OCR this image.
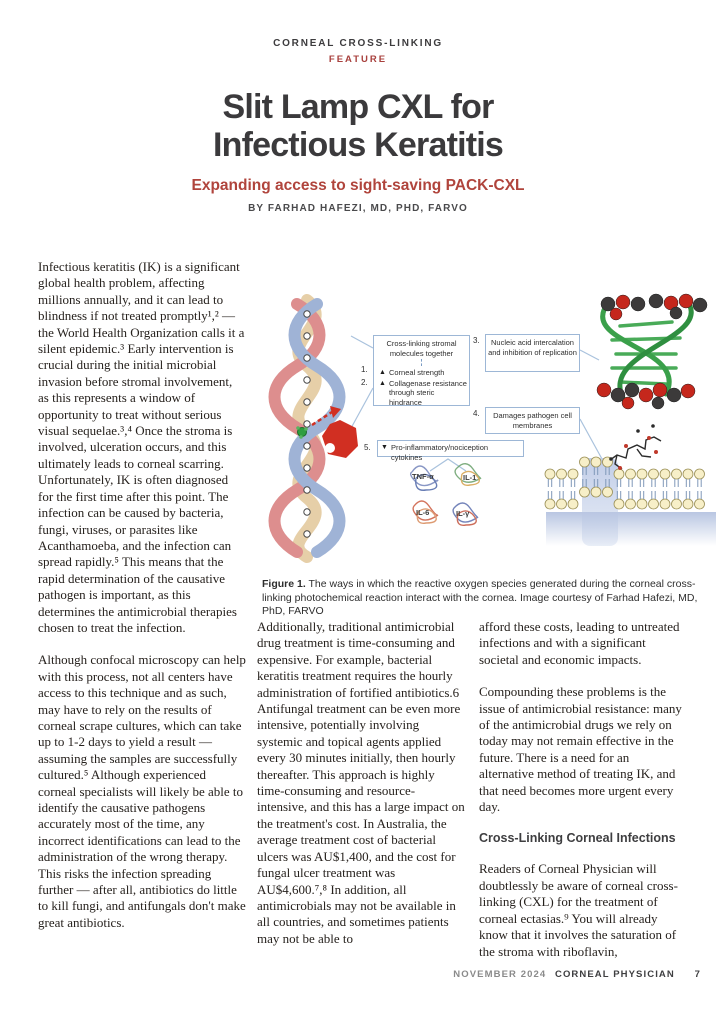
CORNEAL CROSS-LINKING
FEATURE
Slit Lamp CXL for
Infectious Keratitis
Expanding access to sight-saving PACK-CXL
BY FARHAD HAFEZI, MD, PHD, FARVO

Infectious keratitis (IK) is a significant global health problem, affecting millions annually, and it can lead to blindness if not treated promptly¹,² — the World Health Organization calls it a silent epidemic.³ Early intervention is crucial during the initial microbial invasion before stromal involvement, as this represents a window of opportunity to treat without serious visual sequelae.³,⁴ Once the stroma is involved, ulceration occurs, and this ultimately leads to corneal scarring. Unfortunately, IK is often diagnosed for the first time after this point. The infection can be caused by bacteria, fungi, viruses, or parasites like Acanthamoeba, and the infection can spread rapidly.⁵ This means that the rapid determination of the causative pathogen is important, as this determines the antimicrobial therapies chosen to treat the infection.

Although confocal microscopy can help with this process, not all centers have access to this technique and as such, may have to rely on the results of corneal scrape cultures, which can take up to 1-2 days to yield a result — assuming the samples are successfully cultured.⁵ Although experienced corneal specialists will likely be able to identify the causative pathogens accurately most of the time, any incorrect identifications can lead to the administration of the wrong therapy. This risks the infection spreading further — after all, antibiotics do little to kill fungi, and antifungals don't make great antibiotics.

Additionally, traditional antimicrobial drug treatment is time-consuming and expensive. For example, bacterial keratitis treatment requires the hourly administration of fortified antibiotics.6 Antifungal treatment can be even more intensive, potentially involving systemic and topical agents applied every 30 minutes initially, then hourly thereafter. This approach is highly time-consuming and resource-intensive, and this has a large impact on the treatment's cost. In Australia, the average treatment cost of bacterial ulcers was AU$1,400, and the cost for fungal ulcer treatment was AU$4,600.⁷,⁸ In addition, all antimicrobials may not be available in all countries, and sometimes patients may not be able to

afford these costs, leading to untreated infections and with a significant societal and economic impacts.

Compounding these problems is the issue of antimicrobial resistance: many of the antimicrobial drugs we rely on today may not remain effective in the future. There is a need for an alternative method of treating IK, and that need becomes more urgent every day.

Cross-Linking Corneal Infections

Readers of Corneal Physician will doubtlessly be aware of corneal cross-linking (CXL) for the treatment of corneal ectasias.⁹ You will already know that it involves the saturation of the stroma with riboflavin,

Cross-linking stromal molecules together
▲ Corneal strength
▲ Collagenase resistance through steric hindrance
1.
2.
3.	Nucleic acid intercalation and inhibition of replication
4.	Damages pathogen cell membranes
5. ▼ Pro-inflammatory/nociception cytokines
TNF-α	IL-1
IL-6	IL-γ
Figure 1. The ways in which the reactive oxygen species generated during the corneal cross-linking photochemical reaction interact with the cornea. Image courtesy of Farhad Hafezi, MD, PhD, FARVO
NOVEMBER 2024 CORNEAL PHYSICIAN 7
